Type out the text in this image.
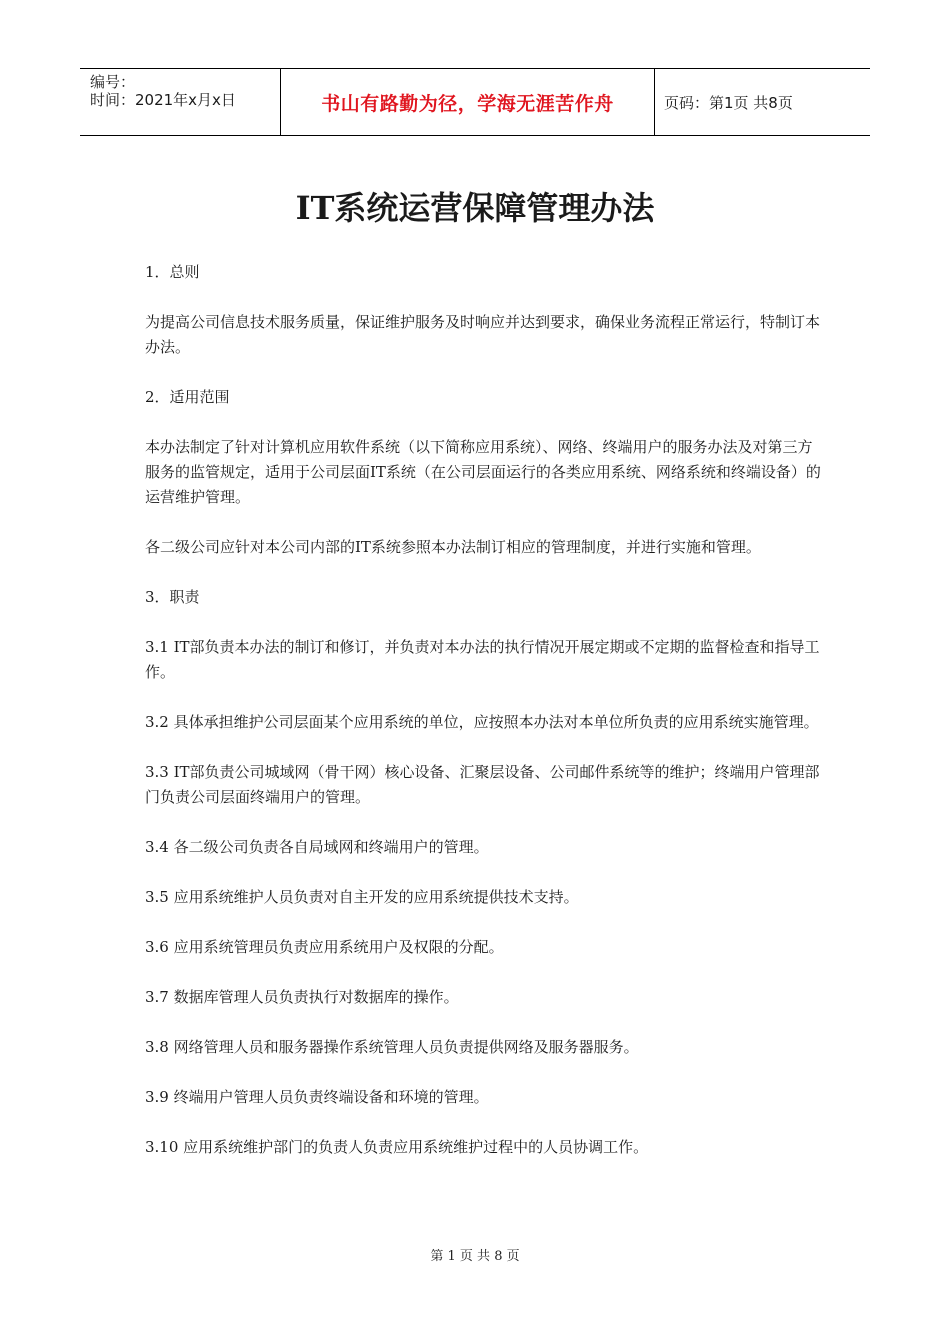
编号：
时间：2021年x月x日	书山有路勤为径，学海无涯苦作舟	页码：第1页 共8页
IT系统运营保障管理办法

1．总则

为提高公司信息技术服务质量，保证维护服务及时响应并达到要求，确保业务流程正常运行，特制订本办法。

2．适用范围

本办法制定了针对计算机应用软件系统（以下简称应用系统）、网络、终端用户的服务办法及对第三方服务的监管规定，适用于公司层面IT系统（在公司层面运行的各类应用系统、网络系统和终端设备）的运营维护管理。

各二级公司应针对本公司内部的IT系统参照本办法制订相应的管理制度，并进行实施和管理。

3．职责

3.1 IT部负责本办法的制订和修订，并负责对本办法的执行情况开展定期或不定期的监督检查和指导工作。

3.2 具体承担维护公司层面某个应用系统的单位，应按照本办法对本单位所负责的应用系统实施管理。

3.3 IT部负责公司城域网（骨干网）核心设备、汇聚层设备、公司邮件系统等的维护；终端用户管理部门负责公司层面终端用户的管理。

3.4 各二级公司负责各自局域网和终端用户的管理。

3.5 应用系统维护人员负责对自主开发的应用系统提供技术支持。

3.6 应用系统管理员负责应用系统用户及权限的分配。

3.7 数据库管理人员负责执行对数据库的操作。

3.8 网络管理人员和服务器操作系统管理人员负责提供网络及服务器服务。

3.9 终端用户管理人员负责终端设备和环境的管理。

3.10 应用系统维护部门的负责人负责应用系统维护过程中的人员协调工作。

第 1 页 共 8 页
